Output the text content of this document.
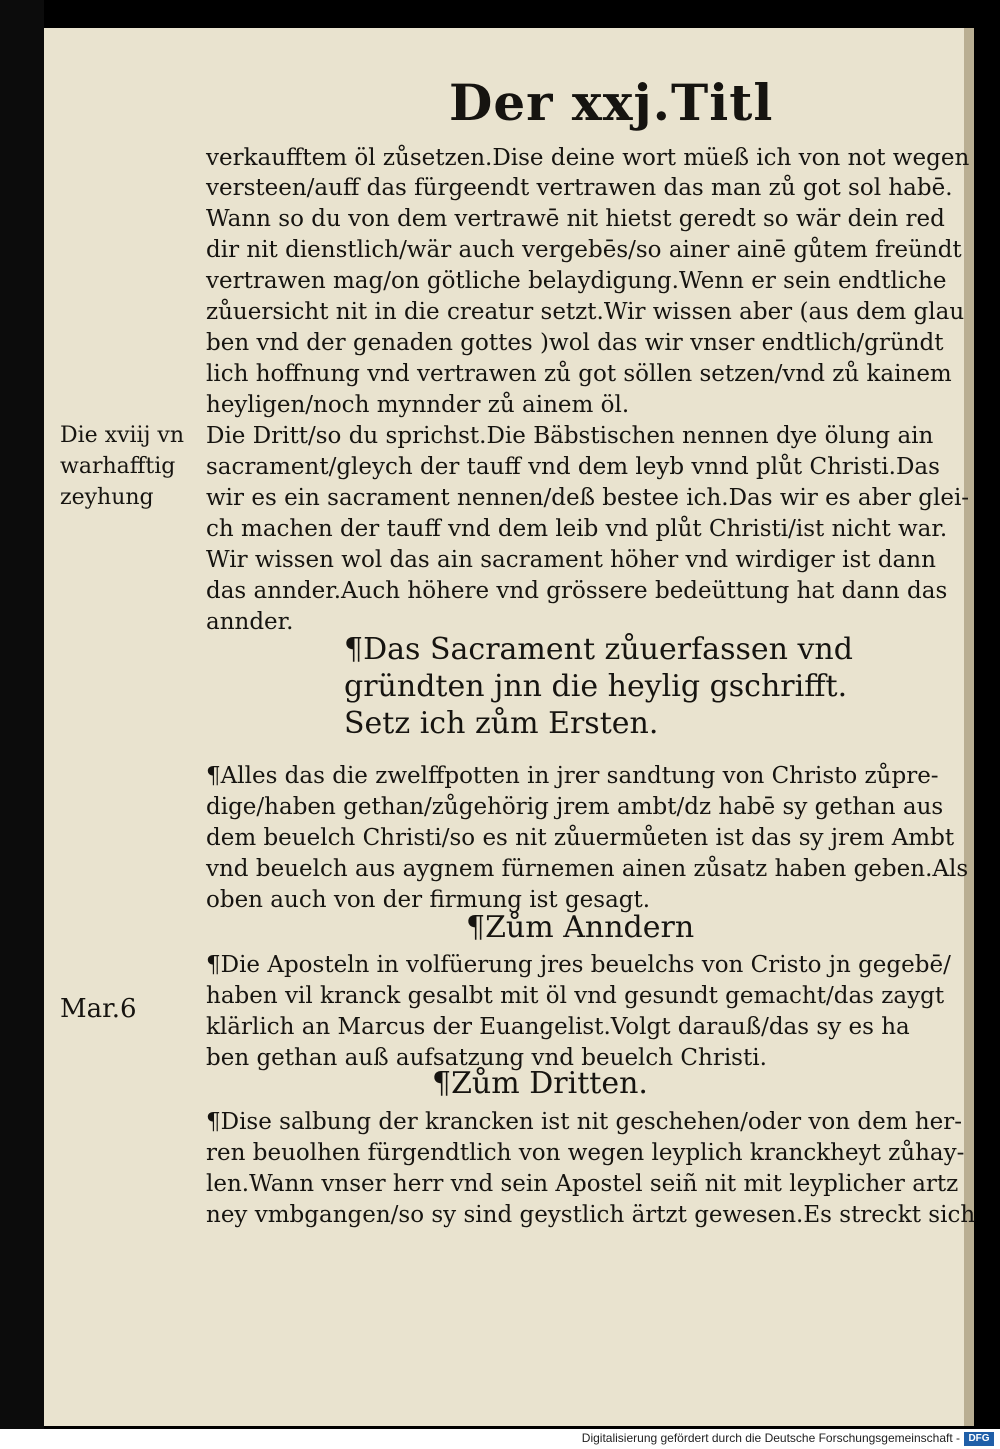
Der xxj.Titl
verkaufftem öl zůsetzen.Dise deine wort müeß ich von not wegen
versteen/auff das fürgeendt vertrawen das man zů got sol habē.
Wann so du von dem vertrawē nit hietst geredt so wär dein red
dir nit dienstlich/wär auch vergebēs/so ainer ainē gůtem freündt
vertrawen mag/on götliche belaydigung.Wenn er sein endtliche
zůuersicht nit in die creatur setzt.Wir wissen aber (aus dem glau
ben vnd der genaden gottes )wol das wir vnser endtlich/gründt
lich hoffnung vnd vertrawen zů got söllen setzen/vnd zů kainem
heyligen/noch mynnder zů ainem öl.
Die Dritt/so du sprichst.Die Bäbstischen nennen dye ölung ain
sacrament/gleych der tauff vnd dem leyb vnnd plůt Christi.Das
wir es ein sacrament nennen/deß bestee ich.Das wir es aber glei-
ch machen der tauff vnd dem leib vnd plůt Christi/ist nicht war.
Wir wissen wol das ain sacrament höher vnd wirdiger ist dann
das annder.Auch höhere vnd grössere bedeüttung hat dann das
annder.
Die xviij vn
warhafftig
zeyhung
¶Das Sacrament zůuerfassen vnd
gründten jnn die heylig gschrifft.
Setz ich zům Ersten.
¶Alles das die zwelffpotten in jrer sandtung von Christo zůpre-
dige/haben gethan/zůgehörig jrem ambt/dz habē sy gethan aus
dem beuelch Christi/so es nit zůuermůeten ist das sy jrem Ambt
vnd beuelch aus aygnem fürnemen ainen zůsatz haben geben.Als
oben auch von der firmung ist gesagt.
¶Zům Anndern
¶Die Aposteln in volfüerung jres beuelchs von Cristo jn gegebē/
haben vil kranck gesalbt mit öl vnd gesundt gemacht/das zaygt
klärlich an Marcus der Euangelist.Volgt darauß/das sy es ha
ben gethan auß aufsatzung vnd beuelch Christi.
Mar.6
¶Zům Dritten.
¶Dise salbung der krancken ist nit geschehen/oder von dem her-
ren beuolhen fürgendtlich von wegen leyplich kranckheyt zůhay-
len.Wann vnser herr vnd sein Apostel seiñ nit mit leyplicher artz
ney vmbgangen/so sy sind geystlich ärtzt gewesen.Es streckt sich
Digitalisierung gefördert durch die Deutsche Forschungsgemeinschaft - DFG
